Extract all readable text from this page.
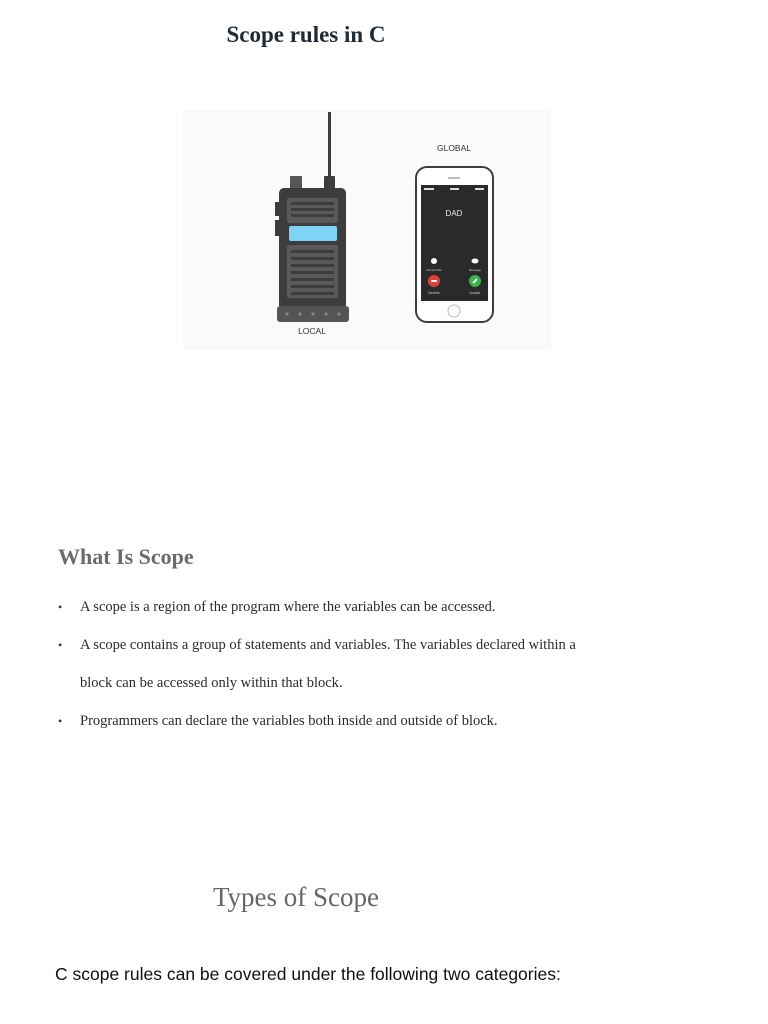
Scope rules in C
LOCAL
GLOBAL
DAD
Remind Me	Message
Decline	Accept
What Is Scope
• A scope is a region of the program where the variables can be accessed.
• A scope contains a group of statements and variables. The variables declared within a
block can be accessed only within that block.
• Programmers can declare the variables both inside and outside of block.
Types of Scope

C scope rules can be covered under the following two categories:
